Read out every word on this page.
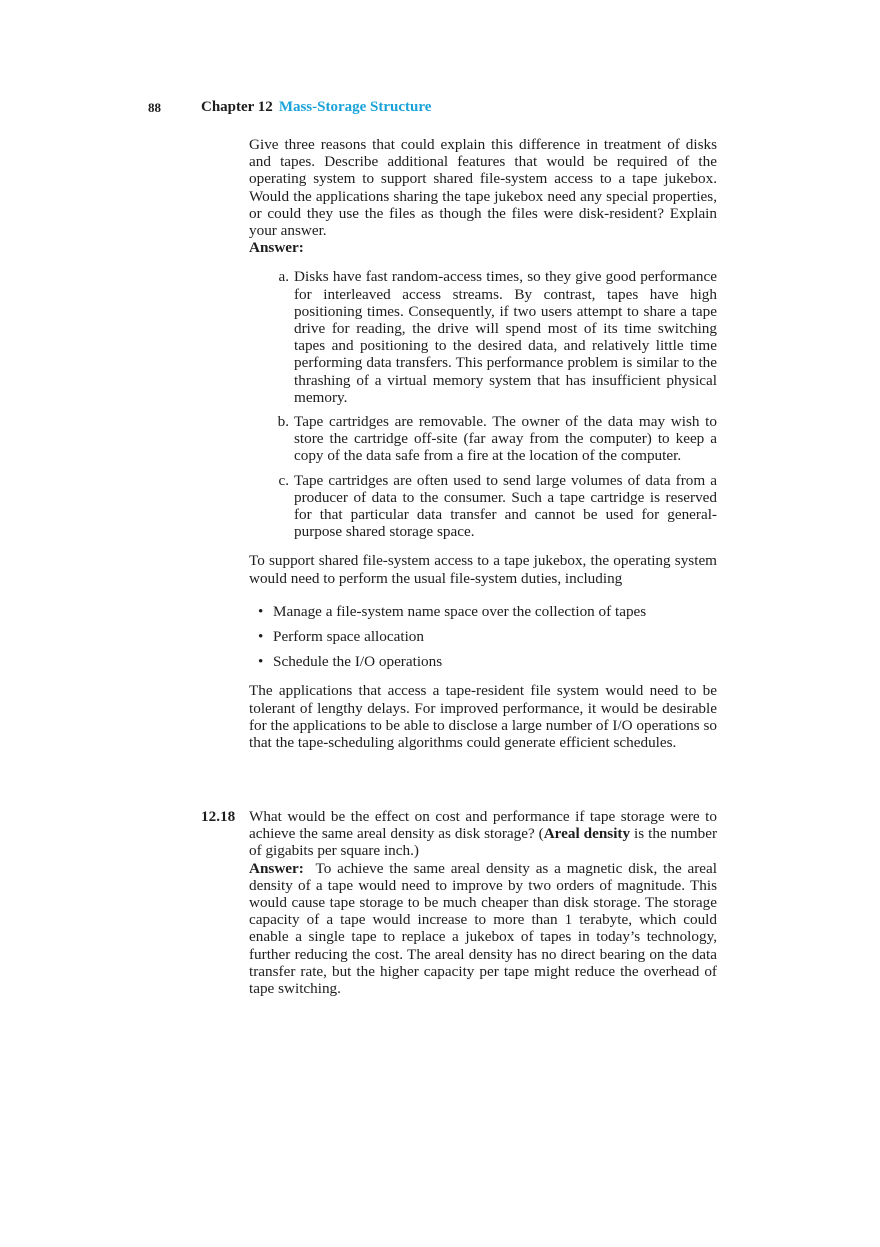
88	Chapter 12 Mass-Storage Structure

Give three reasons that could explain this difference in treatment of disks and tapes. Describe additional features that would be required of the operating system to support shared file-system access to a tape jukebox. Would the applications sharing the tape jukebox need any special properties, or could they use the files as though the files were disk-resident? Explain your answer.
Answer:

a. Disks have fast random-access times, so they give good performance for interleaved access streams. By contrast, tapes have high positioning times. Consequently, if two users attempt to share a tape drive for reading, the drive will spend most of its time switching tapes and positioning to the desired data, and relatively little time performing data transfers. This performance problem is similar to the thrashing of a virtual memory system that has insufficient physical memory.
b. Tape cartridges are removable. The owner of the data may wish to store the cartridge off-site (far away from the computer) to keep a copy of the data safe from a fire at the location of the computer.
c. Tape cartridges are often used to send large volumes of data from a producer of data to the consumer. Such a tape cartridge is reserved for that particular data transfer and cannot be used for general-purpose shared storage space.

To support shared file-system access to a tape jukebox, the operating system would need to perform the usual file-system duties, including

• Manage a file-system name space over the collection of tapes
• Perform space allocation
• Schedule the I/O operations

The applications that access a tape-resident file system would need to be tolerant of lengthy delays. For improved performance, it would be desirable for the applications to be able to disclose a large number of I/O operations so that the tape-scheduling algorithms could generate efficient schedules.

12.18 What would be the effect on cost and performance if tape storage were to achieve the same areal density as disk storage? (Areal density is the number of gigabits per square inch.)
Answer: To achieve the same areal density as a magnetic disk, the areal density of a tape would need to improve by two orders of magnitude. This would cause tape storage to be much cheaper than disk storage. The storage capacity of a tape would increase to more than 1 terabyte, which could enable a single tape to replace a jukebox of tapes in today’s technology, further reducing the cost. The areal density has no direct bearing on the data transfer rate, but the higher capacity per tape might reduce the overhead of tape switching.
